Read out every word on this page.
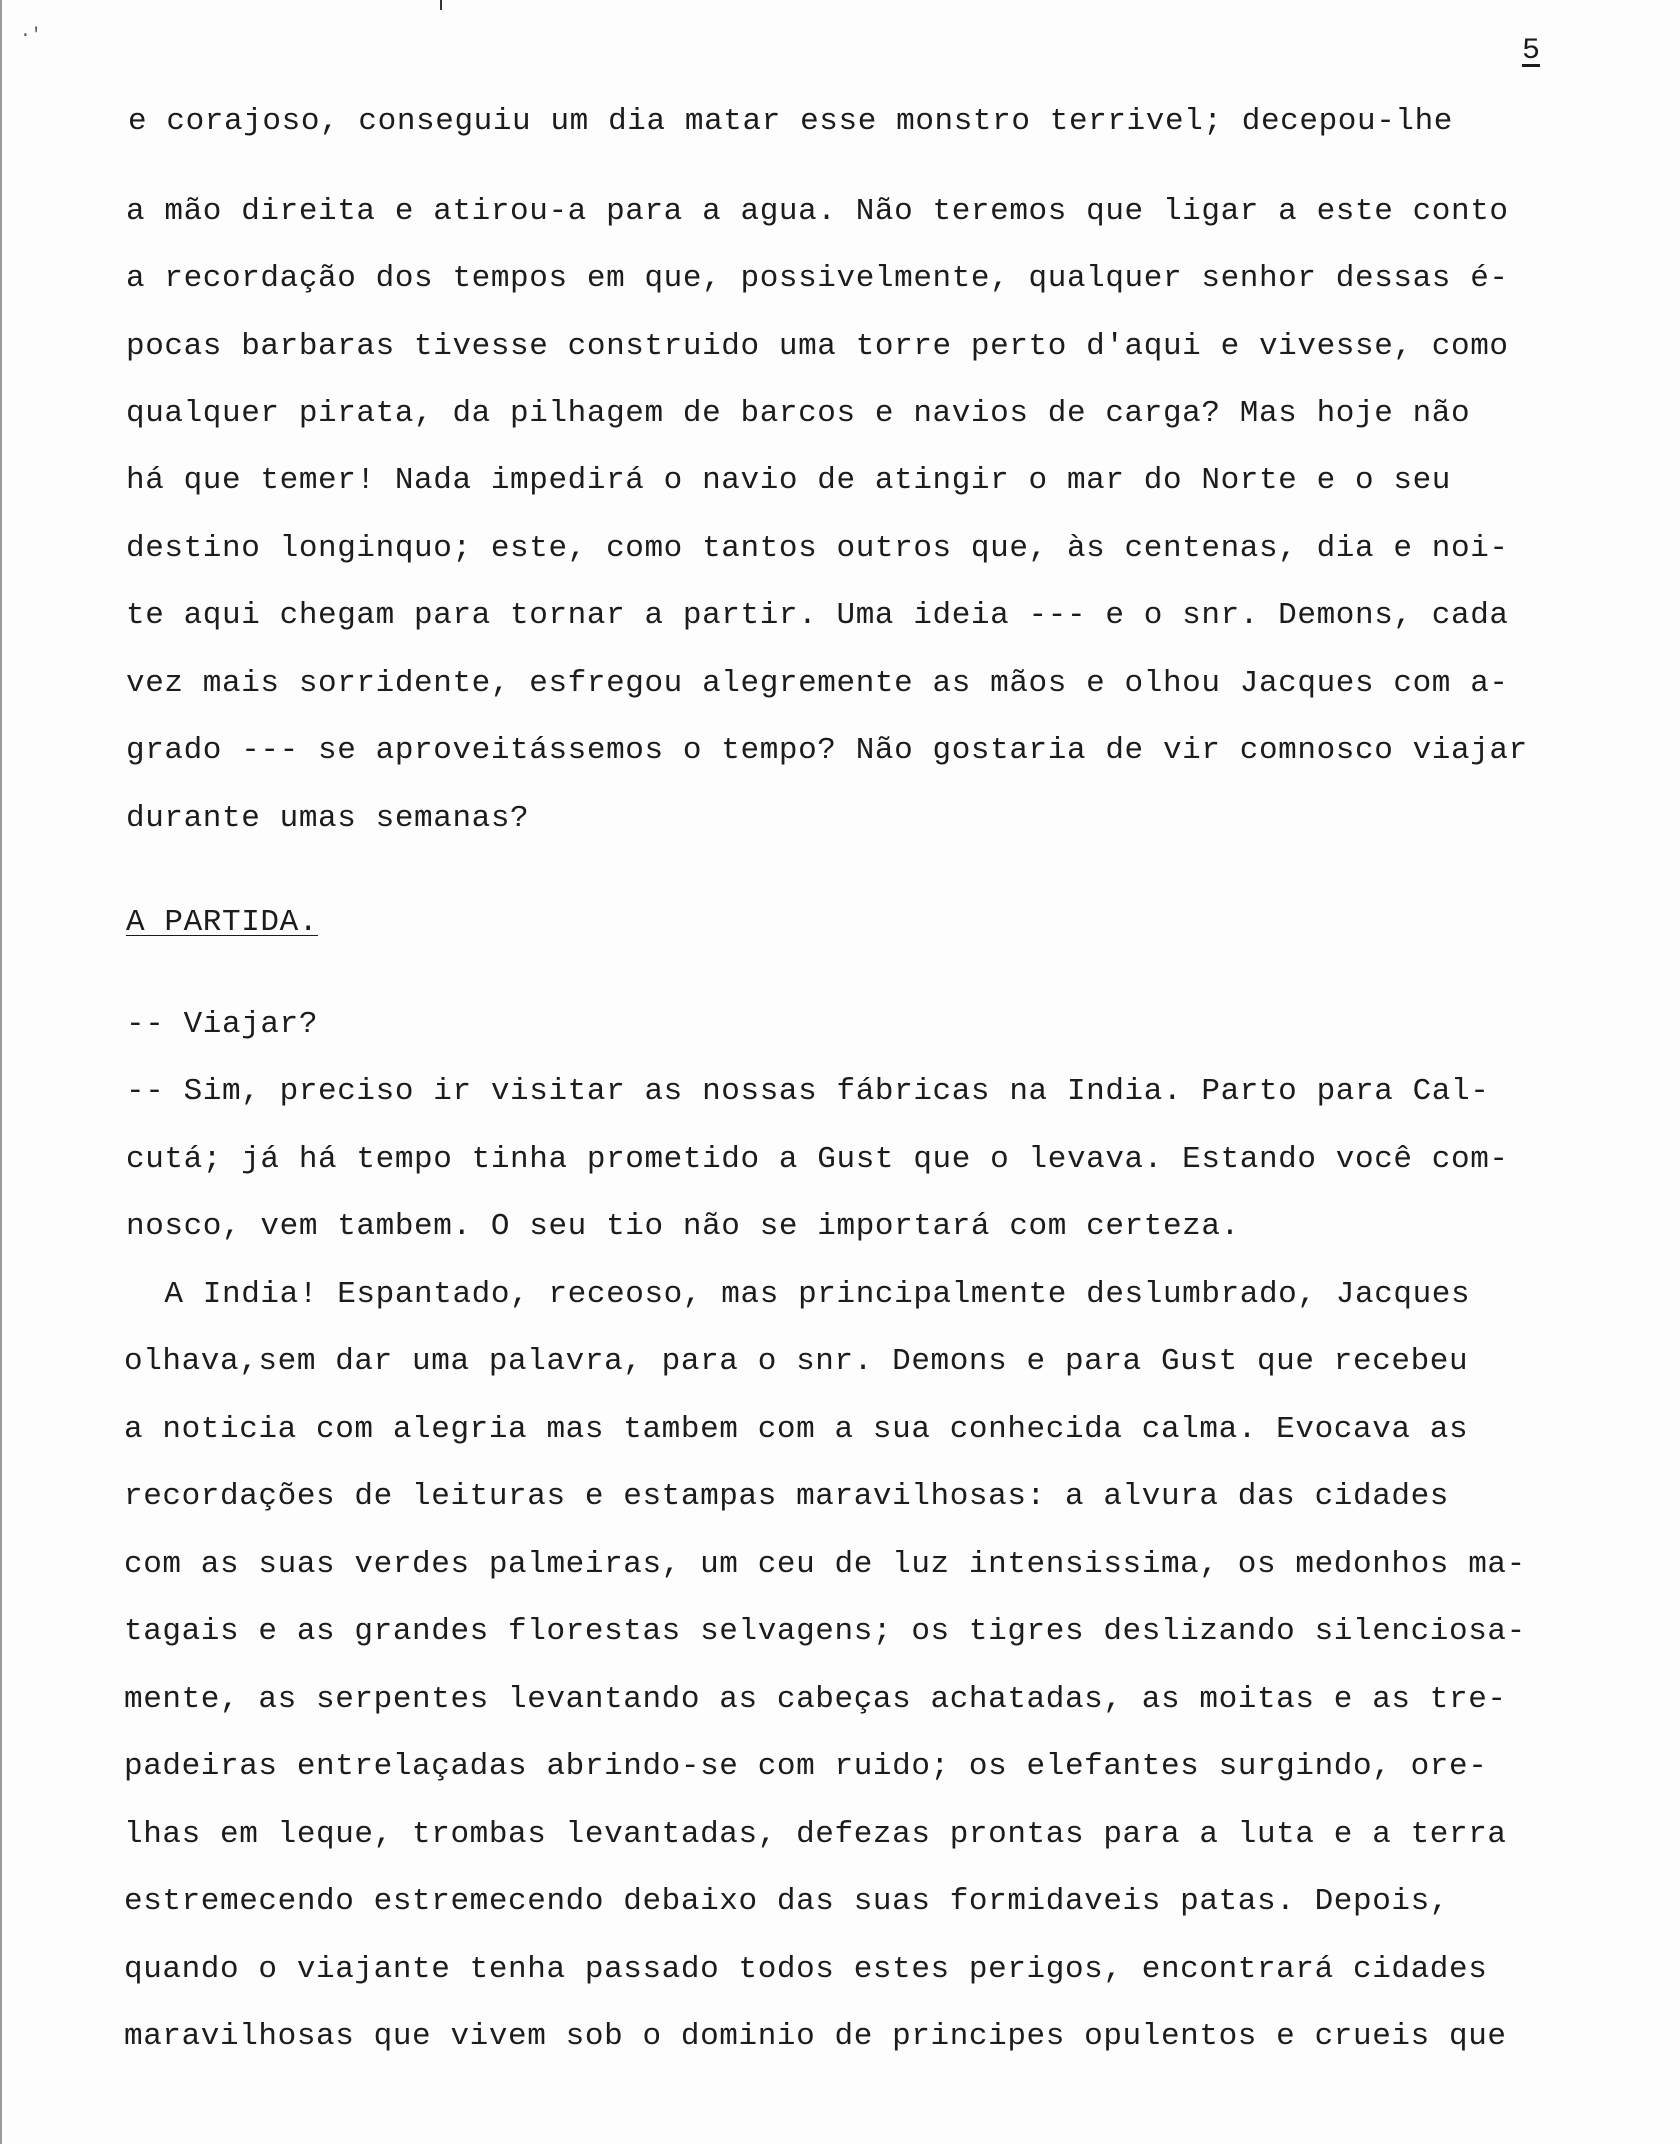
·'	5
e corajoso, conseguiu um dia matar esse monstro terrivel; decepou-lhe
a mão direita e atirou-a para a agua. Não teremos que ligar a este conto
a recordação dos tempos em que, possivelmente, qualquer senhor dessas é-
pocas barbaras tivesse construido uma torre perto d'aqui e vivesse, como
qualquer pirata, da pilhagem de barcos e navios de carga? Mas hoje não
há que temer! Nada impedirá o navio de atingir o mar do Norte e o seu
destino longinquo; este, como tantos outros que, às centenas, dia e noi-
te aqui chegam para tornar a partir. Uma ideia --- e o snr. Demons, cada
vez mais sorridente, esfregou alegremente as mãos e olhou Jacques com a-
grado --- se aproveitássemos o tempo? Não gostaria de vir comnosco viajar
durante umas semanas?
A PARTIDA.
-- Viajar?
-- Sim, preciso ir visitar as nossas fábricas na India. Parto para Cal-
cutá; já há tempo tinha prometido a Gust que o levava. Estando você com-
nosco, vem tambem. O seu tio não se importará com certeza.
A India! Espantado, receoso, mas principalmente deslumbrado, Jacques
olhava,sem dar uma palavra, para o snr. Demons e para Gust que recebeu
a noticia com alegria mas tambem com a sua conhecida calma. Evocava as
recordações de leituras e estampas maravilhosas: a alvura das cidades
com as suas verdes palmeiras, um ceu de luz intensissima, os medonhos ma-
tagais e as grandes florestas selvagens; os tigres deslizando silenciosa-
mente, as serpentes levantando as cabeças achatadas, as moitas e as tre-
padeiras entrelaçadas abrindo-se com ruido; os elefantes surgindo, ore-
lhas em leque, trombas levantadas, defezas prontas para a luta e a terra
estremecendo estremecendo debaixo das suas formidaveis patas. Depois,
quando o viajante tenha passado todos estes perigos, encontrará cidades
maravilhosas que vivem sob o dominio de principes opulentos e crueis que
